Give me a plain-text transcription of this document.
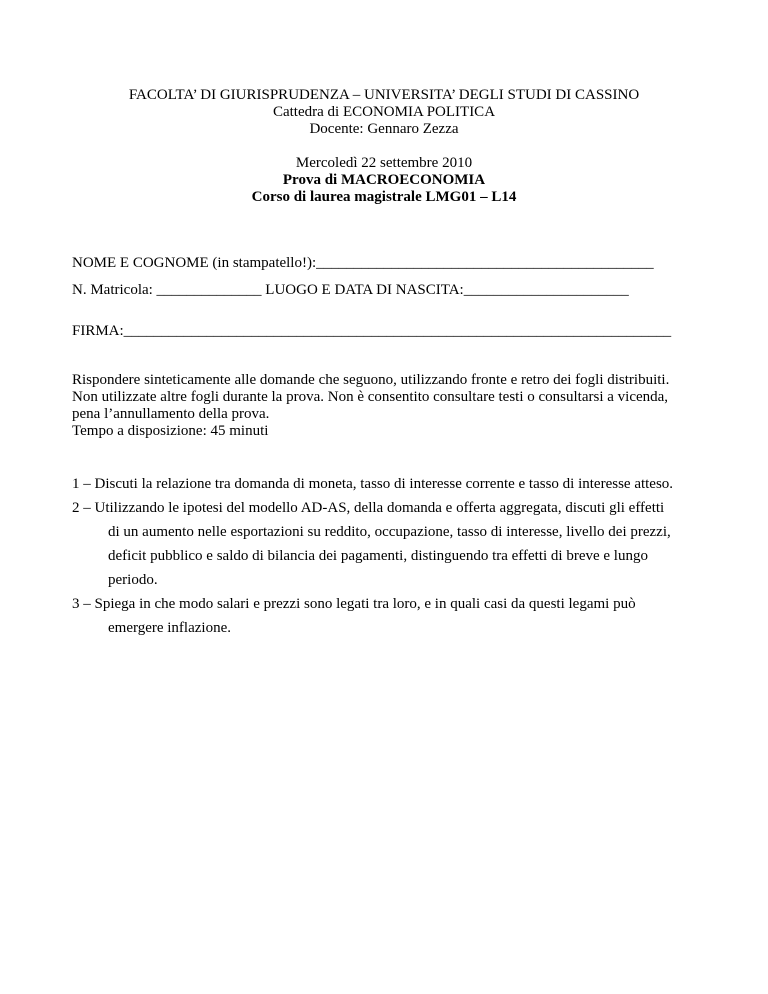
FACOLTA’ DI GIURISPRUDENZA – UNIVERSITA’ DEGLI STUDI DI CASSINO
Cattedra di ECONOMIA POLITICA
Docente: Gennaro Zezza
Mercoledì 22 settembre 2010
Prova di MACROECONOMIA
Corso di laurea magistrale LMG01 – L14
NOME E COGNOME (in stampatello!):_____________________________________________
N. Matricola: ______________ LUOGO E DATA DI NASCITA:______________________
FIRMA:_________________________________________________________________________
Rispondere sinteticamente alle domande che seguono, utilizzando fronte e retro dei fogli distribuiti.
Non utilizzate altre fogli durante la prova. Non è consentito consultare testi o consultarsi a vicenda,
pena l’annullamento della prova.
Tempo a disposizione: 45 minuti
1 – Discuti la relazione tra domanda di moneta, tasso di interesse corrente e tasso di interesse atteso.
2 – Utilizzando le ipotesi del modello AD-AS, della domanda e offerta aggregata, discuti gli effetti
di un aumento nelle esportazioni su reddito, occupazione, tasso di interesse, livello dei prezzi,
deficit pubblico e saldo di bilancia dei pagamenti, distinguendo tra effetti di breve e lungo
periodo.
3 – Spiega in che modo salari e prezzi sono legati tra loro, e in quali casi da questi legami può
emergere inflazione.
